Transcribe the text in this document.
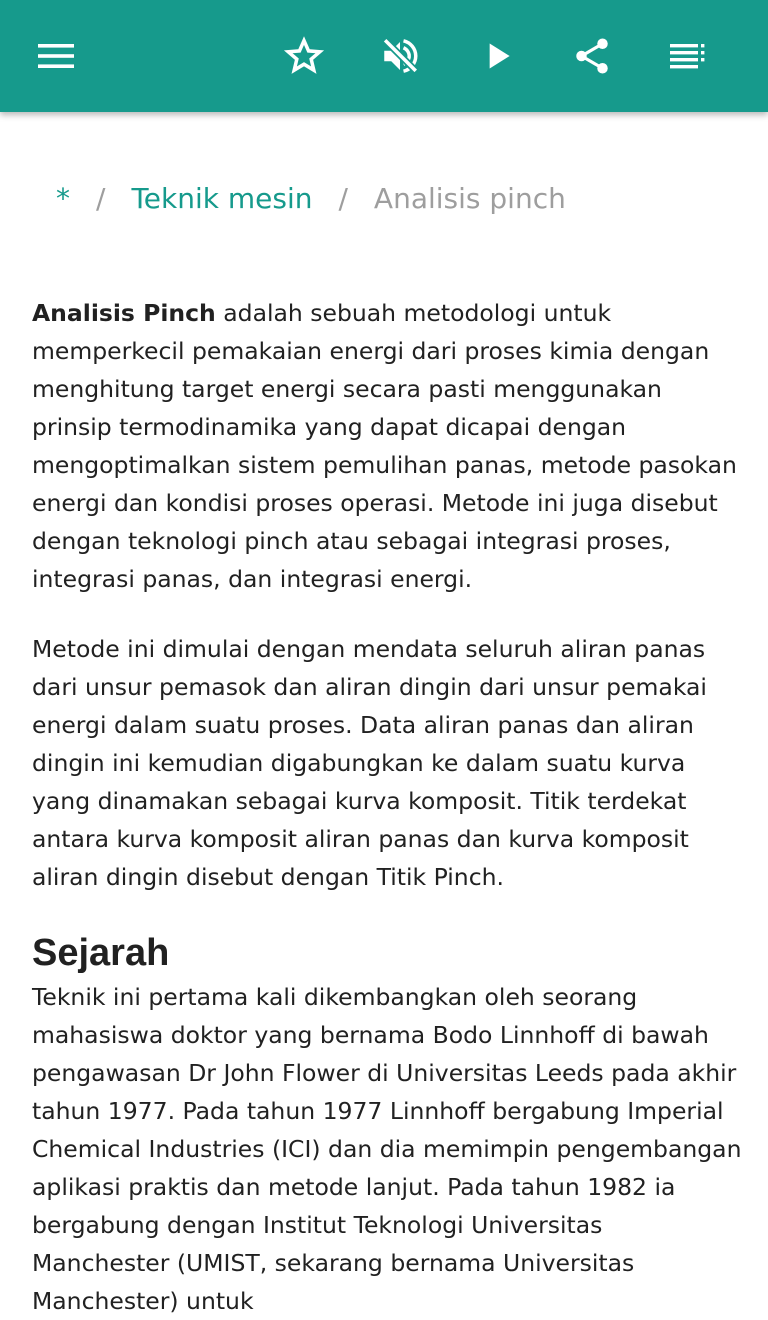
* / Teknik mesin / Analisis pinch

Analisis Pinch adalah sebuah metodologi untuk memperkecil pemakaian energi dari proses kimia dengan menghitung target energi secara pasti menggunakan prinsip termodinamika yang dapat dicapai dengan mengoptimalkan sistem pemulihan panas, metode pasokan energi dan kondisi proses operasi. Metode ini juga disebut dengan teknologi pinch atau sebagai integrasi proses, integrasi panas, dan integrasi energi.

Metode ini dimulai dengan mendata seluruh aliran panas dari unsur pemasok dan aliran dingin dari unsur pemakai energi dalam suatu proses. Data aliran panas dan aliran dingin ini kemudian digabungkan ke dalam suatu kurva yang dinamakan sebagai kurva komposit. Titik terdekat antara kurva komposit aliran panas dan kurva komposit aliran dingin disebut dengan Titik Pinch.

Sejarah

Teknik ini pertama kali dikembangkan oleh seorang mahasiswa doktor yang bernama Bodo Linnhoff di bawah pengawasan Dr John Flower di Universitas Leeds pada akhir tahun 1977. Pada tahun 1977 Linnhoff bergabung Imperial Chemical Industries (ICI) dan dia memimpin pengembangan aplikasi praktis dan metode lanjut. Pada tahun 1982 ia bergabung dengan Institut Teknologi Universitas Manchester (UMIST, sekarang bernama Universitas Manchester) untuk
